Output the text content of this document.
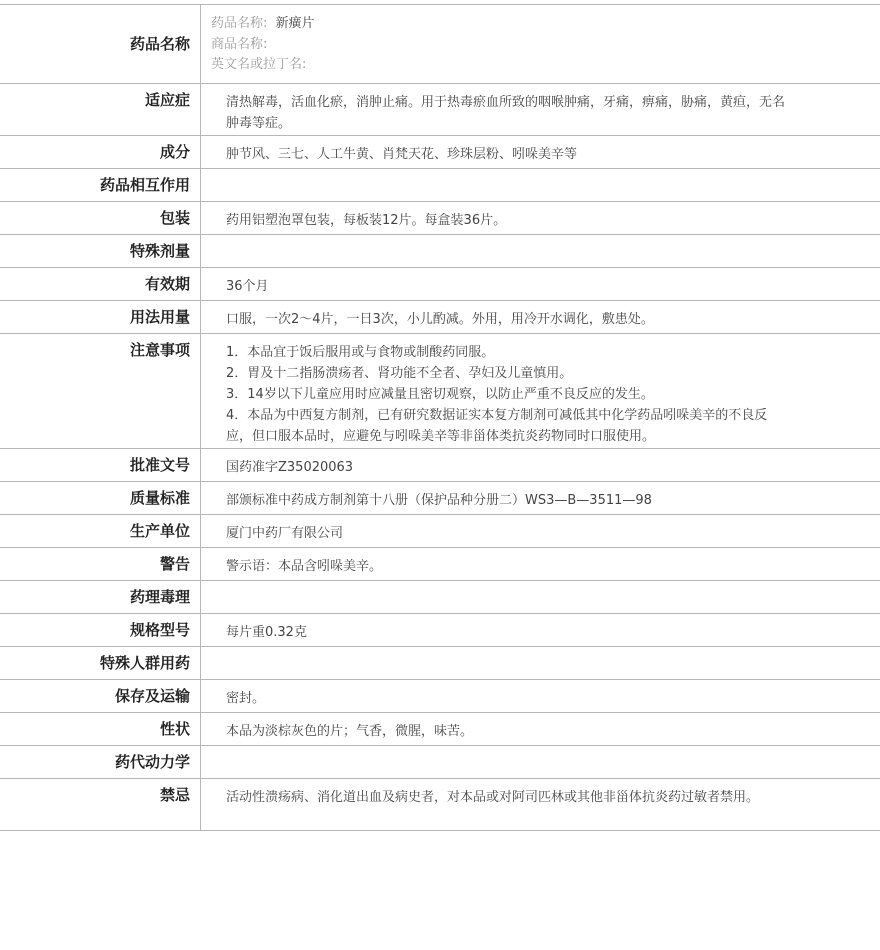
药品名称
药品名称: 新癀片
商品名称:
英文名或拉丁名:
适应症	清热解毒，活血化瘀，消肿止痛。用于热毒瘀血所致的咽喉肿痛，牙痛，痹痛，胁痛，黄疸，无名肿毒等症。
成分	肿节风、三七、人工牛黄、肖梵天花、珍珠层粉、吲哚美辛等
药品相互作用
包装	药用铝塑泡罩包装，每板装12片。每盒装36片。
特殊剂量
有效期	36个月
用法用量	口服，一次2～4片，一日3次，小儿酌减。外用，用冷开水调化，敷患处。
注意事项	1．本品宜于饭后服用或与食物或制酸药同服。
2．胃及十二指肠溃疡者、肾功能不全者、孕妇及儿童慎用。
3．14岁以下儿童应用时应减量且密切观察，以防止严重不良反应的发生。
4．本品为中西复方制剂，已有研究数据证实本复方制剂可减低其中化学药品吲哚美辛的不良反应，但口服本品时，应避免与吲哚美辛等非甾体类抗炎药物同时口服使用。
批准文号	国药准字Z35020063
质量标准	部颁标准中药成方制剂第十八册（保护品种分册二）WS3—B—3511—98
生产单位	厦门中药厂有限公司
警告	警示语：本品含吲哚美辛。
药理毒理
规格型号	每片重0.32克
特殊人群用药
保存及运输	密封。
性状	本品为淡棕灰色的片；气香，微腥，味苦。
药代动力学
禁忌	活动性溃疡病、消化道出血及病史者，对本品或对阿司匹林或其他非甾体抗炎药过敏者禁用。
